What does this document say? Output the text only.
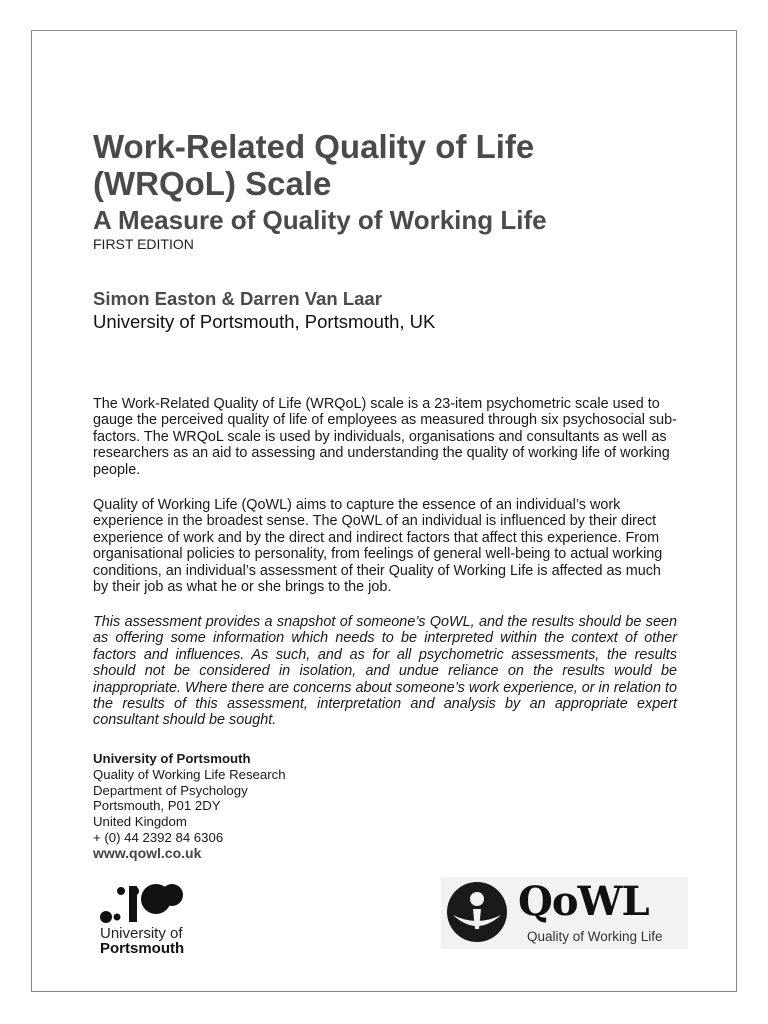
Work-Related Quality of Life
(WRQoL) Scale
A Measure of Quality of Working Life
FIRST EDITION
Simon Easton & Darren Van Laar
University of Portsmouth, Portsmouth, UK

The Work-Related Quality of Life (WRQoL) scale is a 23-item psychometric scale used to gauge the perceived quality of life of employees as measured through six psychosocial sub-factors. The WRQoL scale is used by individuals, organisations and consultants as well as researchers as an aid to assessing and understanding the quality of working life of working people.

Quality of Working Life (QoWL) aims to capture the essence of an individual’s work experience in the broadest sense. The QoWL of an individual is influenced by their direct experience of work and by the direct and indirect factors that affect this experience. From organisational policies to personality, from feelings of general well-being to actual working conditions, an individual’s assessment of their Quality of Working Life is affected as much by their job as what he or she brings to the job.

This assessment provides a snapshot of someone’s QoWL, and the results should be seen as offering some information which needs to be interpreted within the context of other factors and influences. As such, and as for all psychometric assessments, the results should not be considered in isolation, and undue reliance on the results would be inappropriate. Where there are concerns about someone’s work experience, or in relation to the results of this assessment, interpretation and analysis by an appropriate expert consultant should be sought.

University of Portsmouth
Quality of Working Life Research
Department of Psychology
Portsmouth, P01 2DY
United Kingdom
+ (0) 44 2392 84 6306
www.qowl.co.uk
University of
Portsmouth
QoWL
Quality of Working Life
